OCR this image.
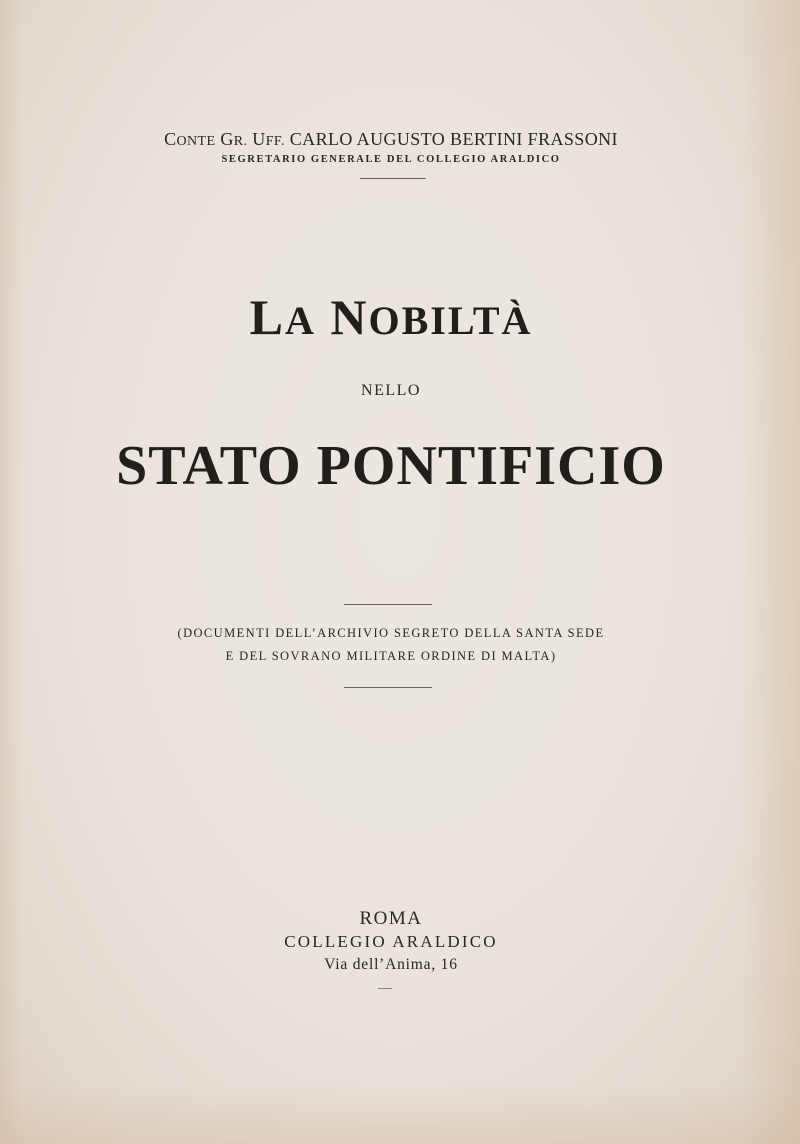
CONTE GR. UFF. CARLO AUGUSTO BERTINI FRASSONI
SEGRETARIO GENERALE DEL COLLEGIO ARALDICO
LA NOBILTÀ
NELLO
STATO PONTIFICIO
(DOCUMENTI DELL’ARCHIVIO SEGRETO DELLA SANTA SEDE
E DEL SOVRANO MILITARE ORDINE DI MALTA)
ROMA
COLLEGIO ARALDICO
Via dell’Anima, 16
